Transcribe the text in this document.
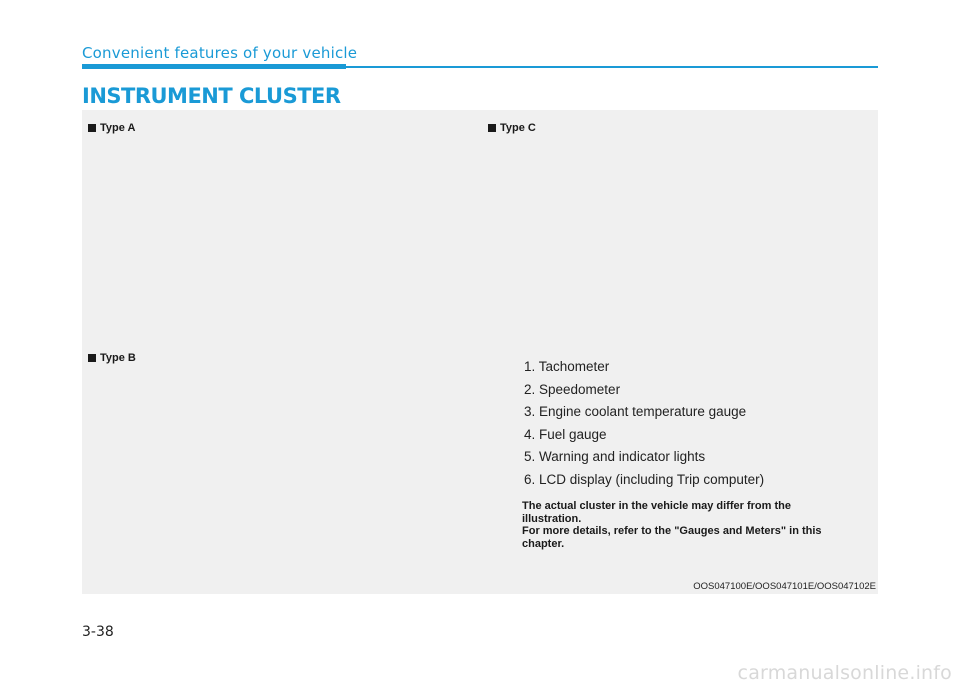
Convenient features of your vehicle
INSTRUMENT CLUSTER
Type A	Type C
Type B
1. Tachometer
2. Speedometer
3. Engine coolant temperature gauge
4. Fuel gauge
5. Warning and indicator lights
6. LCD display (including Trip computer)

The actual cluster in the vehicle may differ from the illustration.

For more details, refer to the "Gauges and Meters" in this chapter.

OOS047100E/OOS047101E/OOS047102E
3-38
carmanualsonline.info
